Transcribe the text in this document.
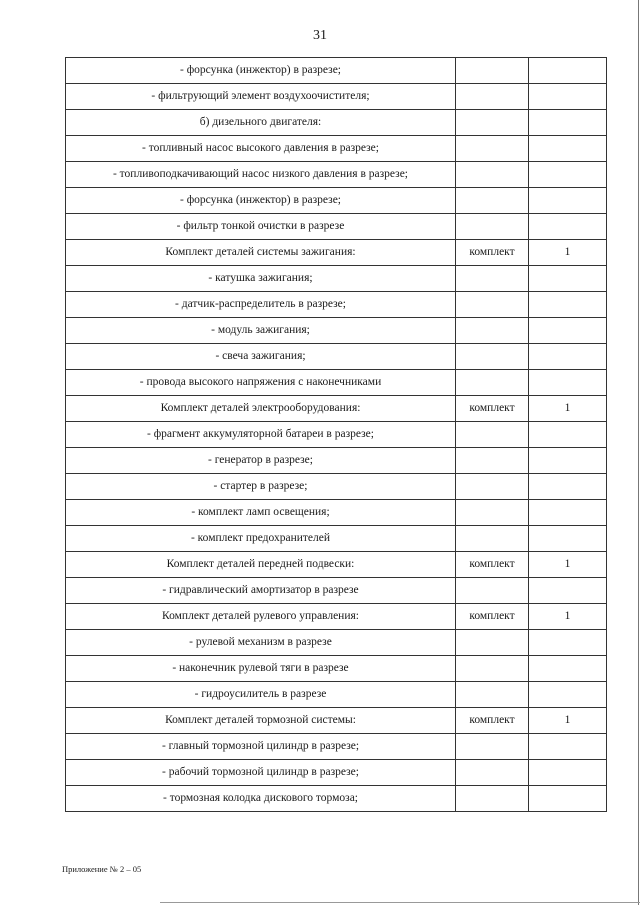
31
- форсунка (инжектор) в разрезе;		
- фильтрующий элемент воздухоочистителя;		
б) дизельного двигателя:		
- топливный насос высокого давления в разрезе;		
- топливоподкачивающий насос низкого давления в разрезе;		
- форсунка (инжектор) в разрезе;		
- фильтр тонкой очистки в разрезе		
Комплект деталей системы зажигания:	комплект	1
- катушка зажигания;		
- датчик-распределитель в разрезе;		
- модуль зажигания;		
- свеча зажигания;		
- провода высокого напряжения с наконечниками		
Комплект деталей электрооборудования:	комплект	1
- фрагмент аккумуляторной батареи в разрезе;		
- генератор в разрезе;		
- стартер в разрезе;		
- комплект ламп освещения;		
- комплект предохранителей		
Комплект деталей передней подвески:	комплект	1
- гидравлический амортизатор в разрезе		
Комплект деталей рулевого управления:	комплект	1
- рулевой механизм в разрезе		
- наконечник рулевой тяги в разрезе		
- гидроусилитель в разрезе		
Комплект деталей тормозной системы:	комплект	1
- главный тормозной цилиндр в разрезе;		
- рабочий тормозной цилиндр в разрезе;		
- тормозная колодка дискового тормоза;		
Приложение № 2 – 05
